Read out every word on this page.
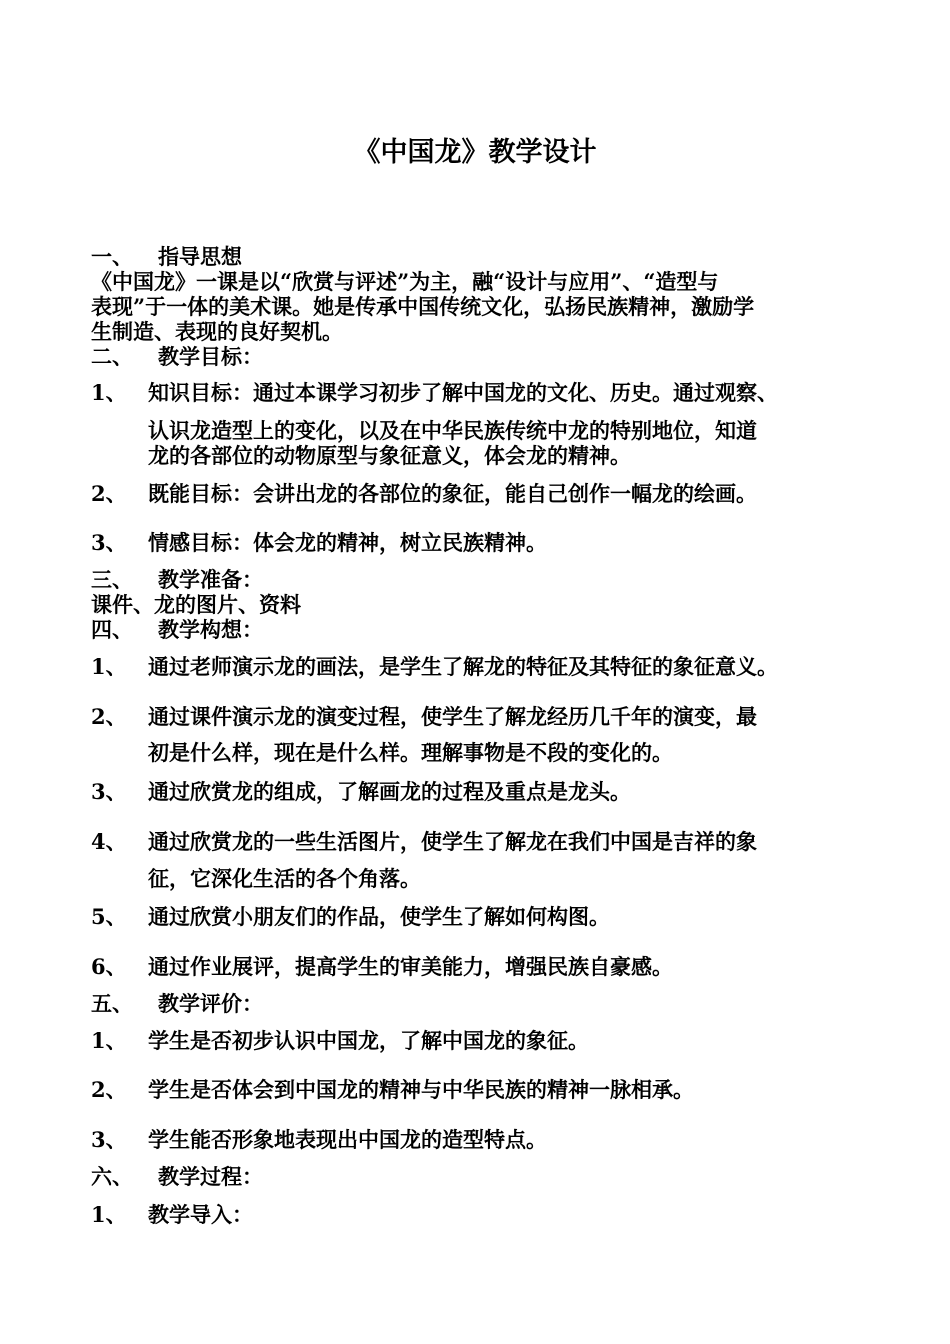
《中国龙》教学设计
一、 指导思想
《中国龙》一课是以“欣赏与评述”为主，融“设计与应用”、“造型与
表现”于一体的美术课。她是传承中国传统文化，弘扬民族精神，激励学
生制造、表现的良好契机。
二、 教学目标：
1、	知识目标：通过本课学习初步了解中国龙的文化、历史。通过观察、
认识龙造型上的变化，以及在中华民族传统中龙的特别地位，知道
龙的各部位的动物原型与象征意义，体会龙的精神。
2、	既能目标：会讲出龙的各部位的象征，能自己创作一幅龙的绘画。
3、	情感目标：体会龙的精神，树立民族精神。
三、 教学准备：
课件、龙的图片、资料
四、 教学构想：
1、	通过老师演示龙的画法，是学生了解龙的特征及其特征的象征意义。
2、	通过课件演示龙的演变过程，使学生了解龙经历几千年的演变，最
初是什么样，现在是什么样。理解事物是不段的变化的。
3、	通过欣赏龙的组成，了解画龙的过程及重点是龙头。
4、	通过欣赏龙的一些生活图片，使学生了解龙在我们中国是吉祥的象
征，它深化生活的各个角落。
5、	通过欣赏小朋友们的作品，使学生了解如何构图。
6、	通过作业展评，提高学生的审美能力，增强民族自豪感。
五、 教学评价：
1、	学生是否初步认识中国龙，了解中国龙的象征。
2、	学生是否体会到中国龙的精神与中华民族的精神一脉相承。
3、	学生能否形象地表现出中国龙的造型特点。
六、 教学过程：
1、	教学导入：
